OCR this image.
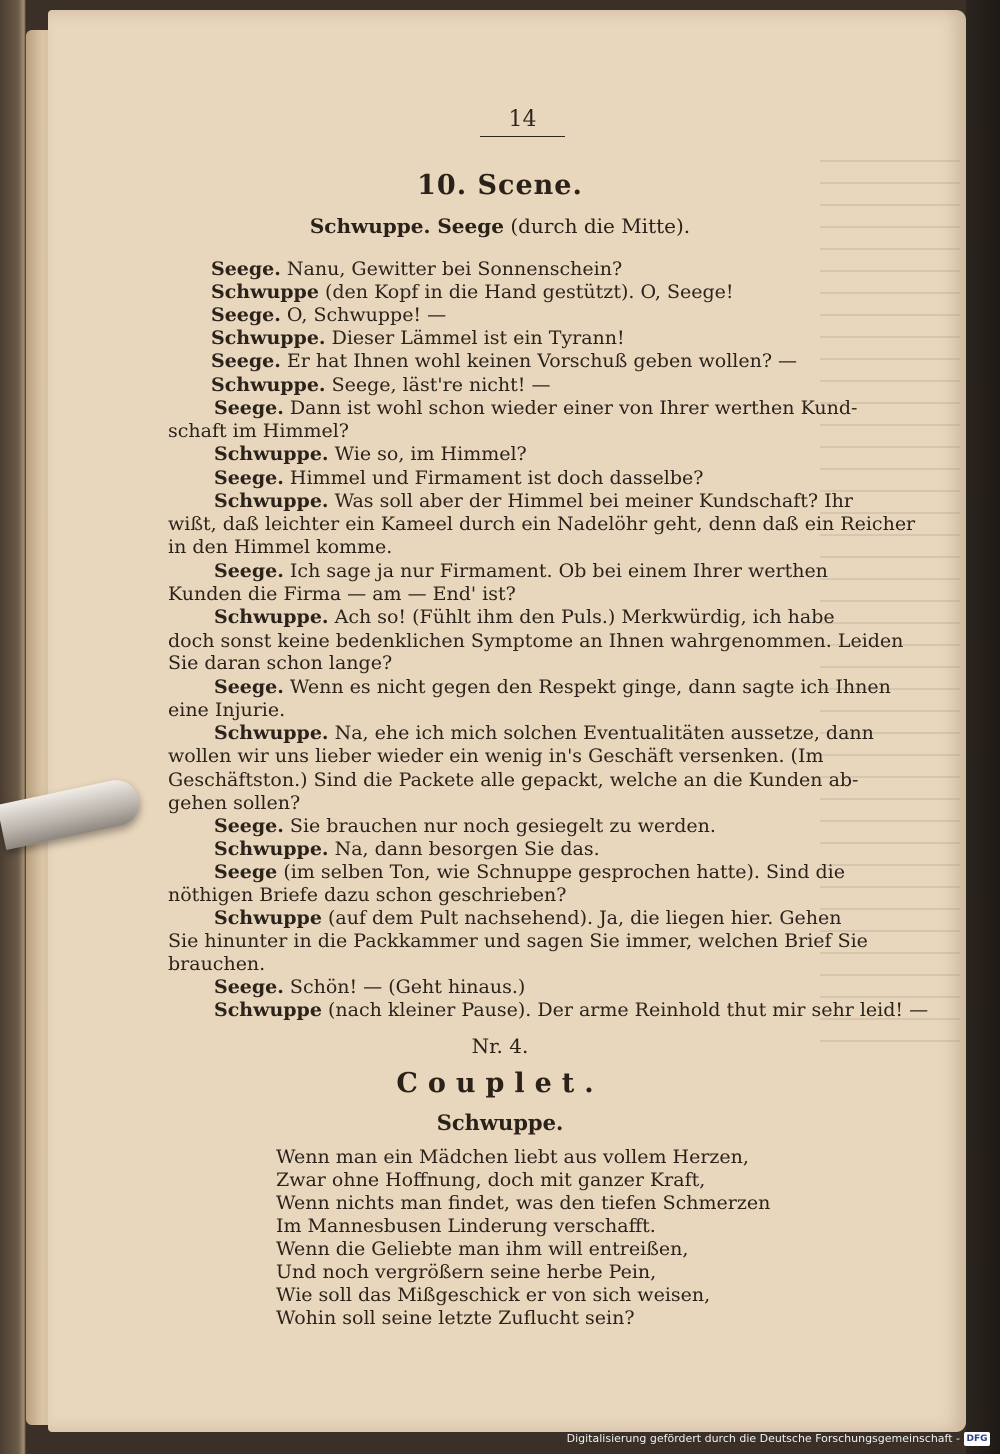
14
10. Scene.
Schwuppe. Seege (durch die Mitte).
Seege. Nanu, Gewitter bei Sonnenschein?
Schwuppe (den Kopf in die Hand gestützt). O, Seege!
Seege. O, Schwuppe! —
Schwuppe. Dieser Lämmel ist ein Tyrann!
Seege. Er hat Ihnen wohl keinen Vorschuß geben wollen? —
Schwuppe. Seege, läst're nicht! —
Seege. Dann ist wohl schon wieder einer von Ihrer werthen Kund-
schaft im Himmel?
Schwuppe. Wie so, im Himmel?
Seege. Himmel und Firmament ist doch dasselbe?
Schwuppe. Was soll aber der Himmel bei meiner Kundschaft? Ihr
wißt, daß leichter ein Kameel durch ein Nadelöhr geht, denn daß ein Reicher
in den Himmel komme.
Seege. Ich sage ja nur Firmament. Ob bei einem Ihrer werthen
Kunden die Firma — am — End' ist?
Schwuppe. Ach so! (Fühlt ihm den Puls.) Merkwürdig, ich habe
doch sonst keine bedenklichen Symptome an Ihnen wahrgenommen. Leiden
Sie daran schon lange?
Seege. Wenn es nicht gegen den Respekt ginge, dann sagte ich Ihnen
eine Injurie.
Schwuppe. Na, ehe ich mich solchen Eventualitäten aussetze, dann
wollen wir uns lieber wieder ein wenig in's Geschäft versenken. (Im
Geschäftston.) Sind die Packete alle gepackt, welche an die Kunden ab-
gehen sollen?
Seege. Sie brauchen nur noch gesiegelt zu werden.
Schwuppe. Na, dann besorgen Sie das.
Seege (im selben Ton, wie Schnuppe gesprochen hatte). Sind die
nöthigen Briefe dazu schon geschrieben?
Schwuppe (auf dem Pult nachsehend). Ja, die liegen hier. Gehen
Sie hinunter in die Packkammer und sagen Sie immer, welchen Brief Sie
brauchen.
Seege. Schön! — (Geht hinaus.)
Schwuppe (nach kleiner Pause). Der arme Reinhold thut mir sehr leid! —
Nr. 4.
Couplet.
Schwuppe.
Wenn man ein Mädchen liebt aus vollem Herzen,
Zwar ohne Hoffnung, doch mit ganzer Kraft,
Wenn nichts man findet, was den tiefen Schmerzen
Im Mannesbusen Linderung verschafft.
Wenn die Geliebte man ihm will entreißen,
Und noch vergrößern seine herbe Pein,
Wie soll das Mißgeschick er von sich weisen,
Wohin soll seine letzte Zuflucht sein?
Digitalisierung gefördert durch die Deutsche Forschungsgemeinschaft - DFG
